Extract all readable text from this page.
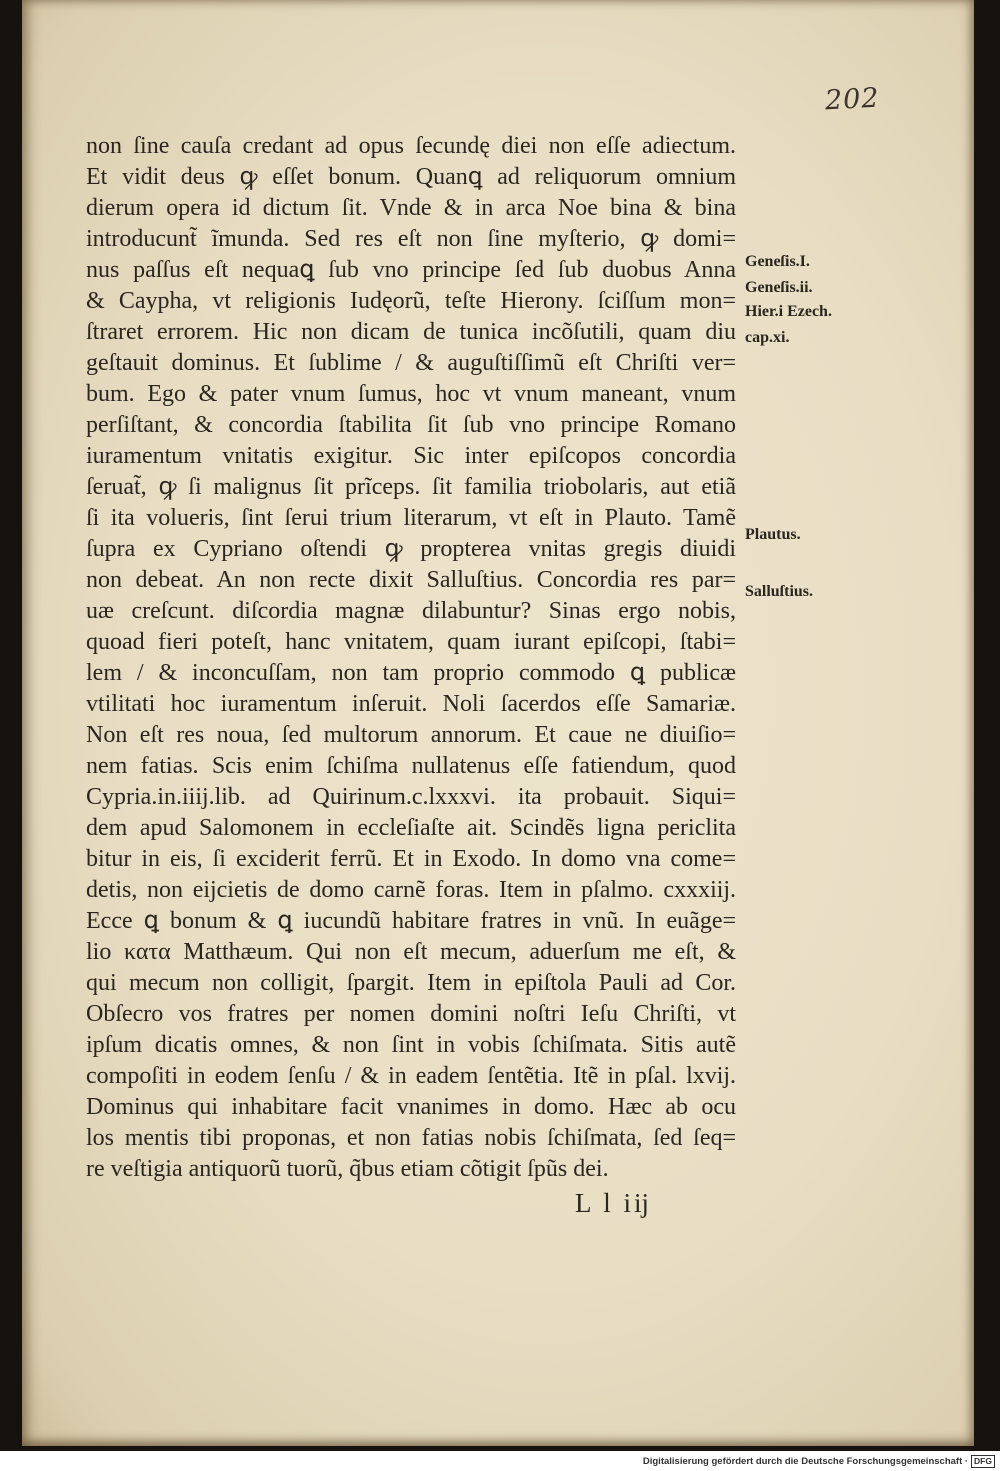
202
non ſine cauſa credant ad opus ſecundę diei non eſſe adiectum.
Et vidit deus ꝙ eſſet bonum. Quanꝗ ad reliquorum omnium
dierum opera id dictum ſit. Vnde & in arca Noe bina & bina
introducunt̃ ĩmunda. Sed res eſt non ſine myſterio, ꝙ domi=
nus paſſus eſt nequaꝗ ſub vno principe ſed ſub duobus Anna
& Caypha, vt religionis Iudęorũ, teſte Hierony. ſciſſum mon=
ſtraret errorem. Hic non dicam de tunica incõſutili, quam diu
geſtauit dominus. Et ſublime / & auguſtiſſimũ eſt Chriſti ver=
bum. Ego & pater vnum ſumus, hoc vt vnum maneant, vnum
perſiſtant, & concordia ſtabilita ſit ſub vno principe Romano
iuramentum vnitatis exigitur. Sic inter epiſcopos concordia
ſeruat̃, ꝙ ſi malignus ſit prĩceps. ſit familia triobolaris, aut etiã
ſi ita volueris, ſint ſerui trium literarum, vt eſt in Plauto. Tamẽ
ſupra ex Cypriano oſtendi ꝙ propterea vnitas gregis diuidi
non debeat. An non recte dixit Salluſtius. Concordia res par=
uæ creſcunt. diſcordia magnæ dilabuntur? Sinas ergo nobis,
quoad fieri poteſt, hanc vnitatem, quam iurant epiſcopi, ſtabi=
lem / & inconcuſſam, non tam proprio commodo ꝗ publicæ
vtilitati hoc iuramentum inſeruit. Noli ſacerdos eſſe Samariæ.
Non eſt res noua, ſed multorum annorum. Et caue ne diuiſio=
nem fatias. Scis enim ſchiſma nullatenus eſſe fatiendum, quod
Cypria.in.iiĳ.lib. ad Quirinum.c.lxxxvi. ita probauit. Siqui=
dem apud Salomonem in eccleſiaſte ait. Scindẽs ligna periclita
bitur in eis, ſi exciderit ferrũ. Et in Exodo. In domo vna come=
detis, non eĳcietis de domo carnẽ foras. Item in pſalmo. cxxxiĳ.
Ecce ꝗ bonum & ꝗ iucundũ habitare fratres in vnũ. In euãge=
lio κατα Matthæum. Qui non eſt mecum, aduerſum me eſt, &
qui mecum non colligit, ſpargit. Item in epiſtola Pauli ad Cor.
Obſecro vos fratres per nomen domini noſtri Ieſu Chriſti, vt
ipſum dicatis omnes, & non ſint in vobis ſchiſmata. Sitis autẽ
compoſiti in eodem ſenſu / & in eadem ſentẽtia. Itẽ in pſal. lxvĳ.
Dominus qui inhabitare facit vnanimes in domo. Hæc ab ocu
los mentis tibi proponas, et non fatias nobis ſchiſmata, ſed ſeq=
re veſtigia antiquorũ tuorũ, q̃bus etiam cõtigit ſpũs dei.
Geneſis.I.
Geneſis.ii.
Hier.i Ezech.
cap.xi.
Plautus.
Salluſtius.
L l iĳ
Digitalisierung gefördert durch die Deutsche Forschungsgemeinschaft · DFG
